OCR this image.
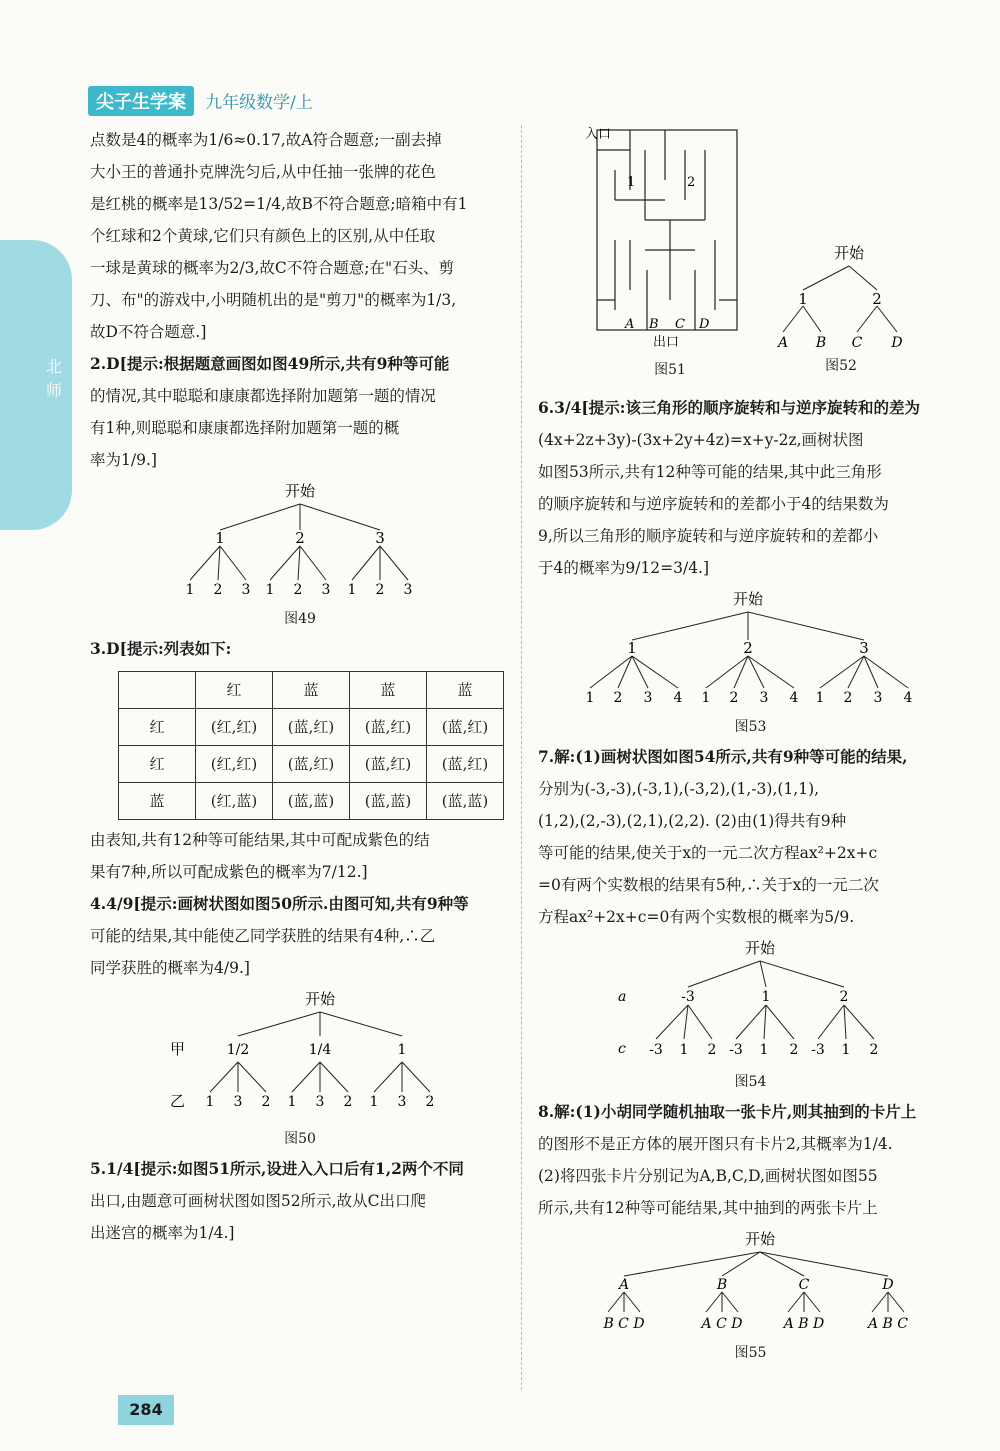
北师
尖子生学案 九年级数学/上

点数是4的概率为1/6≈0.17,故A符合题意;一副去掉

大小王的普通扑克牌洗匀后,从中任抽一张牌的花色

是红桃的概率是13/52=1/4,故B不符合题意;暗箱中有1

个红球和2个黄球,它们只有颜色上的区别,从中任取

一球是黄球的概率为2/3,故C不符合题意;在"石头、剪

刀、布"的游戏中,小明随机出的是"剪刀"的概率为1/3,

故D不符合题意.]

2.D[提示:根据题意画图如图49所示,共有9种等可能

的情况,其中聪聪和康康都选择附加题第一题的情况

有1种,则聪聪和康康都选择附加题第一题的概

率为1/9.]

开始
1	2	3
1 2 3 1 2 3 1 2 3
图49

3.D[提示:列表如下:

	红	蓝	蓝	蓝
红	(红,红)	(蓝,红)	(蓝,红)	(蓝,红)
红	(红,红)	(蓝,红)	(蓝,红)	(蓝,红)
蓝	(红,蓝)	(蓝,蓝)	(蓝,蓝)	(蓝,蓝)

由表知,共有12种等可能结果,其中可配成紫色的结

果有7种,所以可配成紫色的概率为7/12.]

4.4/9[提示:画树状图如图50所示.由图可知,共有9种等

可能的结果,其中能使乙同学获胜的结果有4种,∴乙

同学获胜的概率为4/9.]

开始
甲
乙
1/2	1/4	1
1 3 2 1 3 2 1 3 2
图50

5.1/4[提示:如图51所示,设进入入口后有1,2两个不同

出口,由题意可画树状图如图52所示,故从C出口爬

出迷宫的概率为1/4.]

入口
1	2
A B C D
出口
图51
开始
1	2
A B C D
图52

6.3/4[提示:该三角形的顺序旋转和与逆序旋转和的差为

(4x+2z+3y)-(3x+2y+4z)=x+y-2z,画树状图

如图53所示,共有12种等可能的结果,其中此三角形

的顺序旋转和与逆序旋转和的差都小于4的结果数为

9,所以三角形的顺序旋转和与逆序旋转和的差都小

于4的概率为9/12=3/4.]

开始
1	2	3
1 2 3 4 1 2 3 4 1 2 3 4
图53

7.解:(1)画树状图如图54所示,共有9种等可能的结果,

分别为(-3,-3),(-3,1),(-3,2),(1,-3),(1,1),

(1,2),(2,-3),(2,1),(2,2). (2)由(1)得共有9种

等可能的结果,使关于x的一元二次方程ax²+2x+c

=0有两个实数根的结果有5种,∴关于x的一元二次

方程ax²+2x+c=0有两个实数根的概率为5/9.

开始
a
c
-3	1	2
-3 1 2 -3 1 2 -3 1 2
图54

8.解:(1)小胡同学随机抽取一张卡片,则其抽到的卡片上

的图形不是正方体的展开图只有卡片2,其概率为1/4.

(2)将四张卡片分别记为A,B,C,D,画树状图如图55

所示,共有12种等可能结果,其中抽到的两张卡片上

开始
A	B	C	D
B C D	A C D	A B D	A B C
图55
284
